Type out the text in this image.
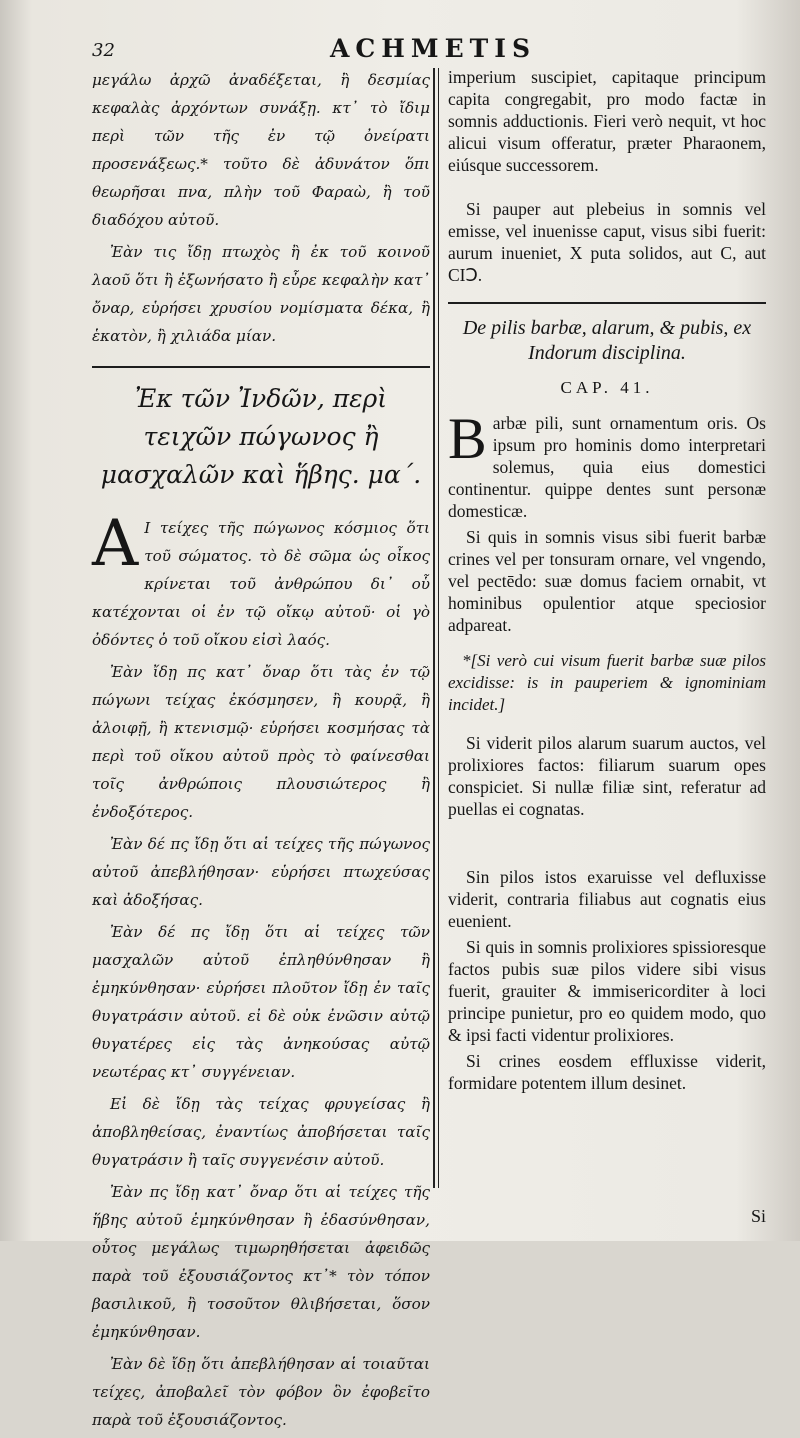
32	ACHMETIS

μεγάλω ἀρχῶ ἀναδέξεται, ἢ δεσμίας κεφαλὰς ἀρχόντων συνάξῃ. κτ᾽ τὸ ἴδιμ περὶ τῶν τῆς ἐν τῷ ὀνείρατι προσενάξεως.* τοῦτο δὲ ἀδυνάτον ὅπι θεωρῆσαι πνα, πλὴν τοῦ Φαραὼ, ἢ τοῦ διαδόχου αὐτοῦ.

Ἐὰν τις ἴδῃ πτωχὸς ἢ ἐκ τοῦ κοινοῦ λαοῦ ὅτι ἢ ἐξωνήσατο ἢ εὗρε κεφαλὴν κατ᾽ ὄναρ, εὑρήσει χρυσίου νομίσματα δέκα, ἢ ἑκατὸν, ἢ χιλιάδα μίαν.

Ἐκ τῶν Ἰνδῶν, περὶ τειχῶν πώγωνος ἢ μασχαλῶν καὶ ἥβης. μα΄.
Α Ι τείχες τῆς πώγωνος κόσμιος ὅτι τοῦ σώματος. τὸ δὲ σῶμα ὡς οἶκος κρίνεται τοῦ ἀνθρώπου δι᾽ οὗ κατέχονται οἱ ἐν τῷ οἴκῳ αὐτοῦ· οἱ γὸ ὀδόντες ὁ τοῦ οἴκου εἰσὶ λαός.

Ἐὰν ἴδῃ πς κατ᾽ ὄναρ ὅτι τὰς ἐν τῷ πώγωνι τείχας ἐκόσμησεν, ἢ κουρᾷ, ἢ ἀλοιφῇ, ἢ κτενισμῷ· εὑρήσει κοσμήσας τὰ περὶ τοῦ οἴκου αὐτοῦ πρὸς τὸ φαίνεσθαι τοῖς ἀνθρώποις πλουσιώτερος ἢ ἐνδοξότερος.

Ἐὰν δέ πς ἴδῃ ὅτι αἱ τείχες τῆς πώγωνος αὐτοῦ ἀπεβλήθησαν· εὑρήσει πτωχεύσας καὶ ἀδοξήσας.

Ἐὰν δέ πς ἴδῃ ὅτι αἱ τείχες τῶν μασχαλῶν αὐτοῦ ἐπληθύνθησαν ἢ ἐμηκύνθησαν· εὑρήσει πλοῦτον ἴδῃ ἐν ταῖς θυγατράσιν αὐτοῦ. εἰ δὲ οὐκ ἐνῶσιν αὐτῷ θυγατέρες εἰς τὰς ἀνηκούσας αὐτῷ νεωτέρας κτ᾽ συγγένειαν.

Εἰ δὲ ἴδῃ τὰς τείχας φρυγείσας ἢ ἀποβληθείσας, ἐναντίως ἀποβήσεται ταῖς θυγατράσιν ἢ ταῖς συγγενέσιν αὐτοῦ.

Ἐὰν πς ἴδῃ κατ᾽ ὄναρ ὅτι αἱ τείχες τῆς ἥβης αὐτοῦ ἐμηκύνθησαν ἢ ἐδασύνθησαν, οὗτος μεγάλως τιμωρηθήσεται ἀφειδῶς παρὰ τοῦ ἐξουσιάζοντος κτ᾽* τὸν τόπον βασιλικοῦ, ἢ τοσοῦτον θλιβήσεται, ὅσον ἐμηκύνθησαν.

Ἐὰν δὲ ἴδῃ ὅτι ἀπεβλήθησαν αἱ τοιαῦται τείχες, ἀποβαλεῖ τὸν φόβον ὃν ἐφοβεῖτο παρὰ τοῦ ἐξουσιάζοντος.

imperium suscipiet, capitaque principum capita congregabit, pro modo factæ in somnis adductionis. Fieri verò nequit, vt hoc alicui visum offeratur, præter Pharaonem, eiúsque successorem.

Si pauper aut plebeius in somnis vel emisse, vel inuenisse caput, visus sibi fuerit: aurum inueniet, X puta solidos, aut C, aut CIↃ.

De pilis barbæ, alarum, & pubis, ex Indorum disciplina.
CAP. 41.
B arbæ pili, sunt ornamentum oris. Os ipsum pro hominis domo interpretari solemus, quia eius domestici continentur. quippe dentes sunt personæ domesticæ.

Si quis in somnis visus sibi fuerit barbæ crines vel per tonsuram ornare, vel vngendo, vel pectēdo: suæ domus faciem ornabit, vt hominibus opulentior atque speciosior adpareat.

*[Si verò cui visum fuerit barbæ suæ pilos excidisse: is in pauperiem & ignominiam incidet.]

Si viderit pilos alarum suarum auctos, vel prolixiores factos: filiarum suarum opes conspiciet. Si nullæ filiæ sint, referatur ad puellas ei cognatas.

Sin pilos istos exaruisse vel defluxisse viderit, contraria filiabus aut cognatis eius euenient.

Si quis in somnis prolixiores spissioresque factos pubis suæ pilos videre sibi visus fuerit, grauiter & immisericorditer à loci principe punietur, pro eo quidem modo, quo & ipsi facti videntur prolixiores.

Si crines eosdem effluxisse viderit, formidare potentem illum desinet.

Si
